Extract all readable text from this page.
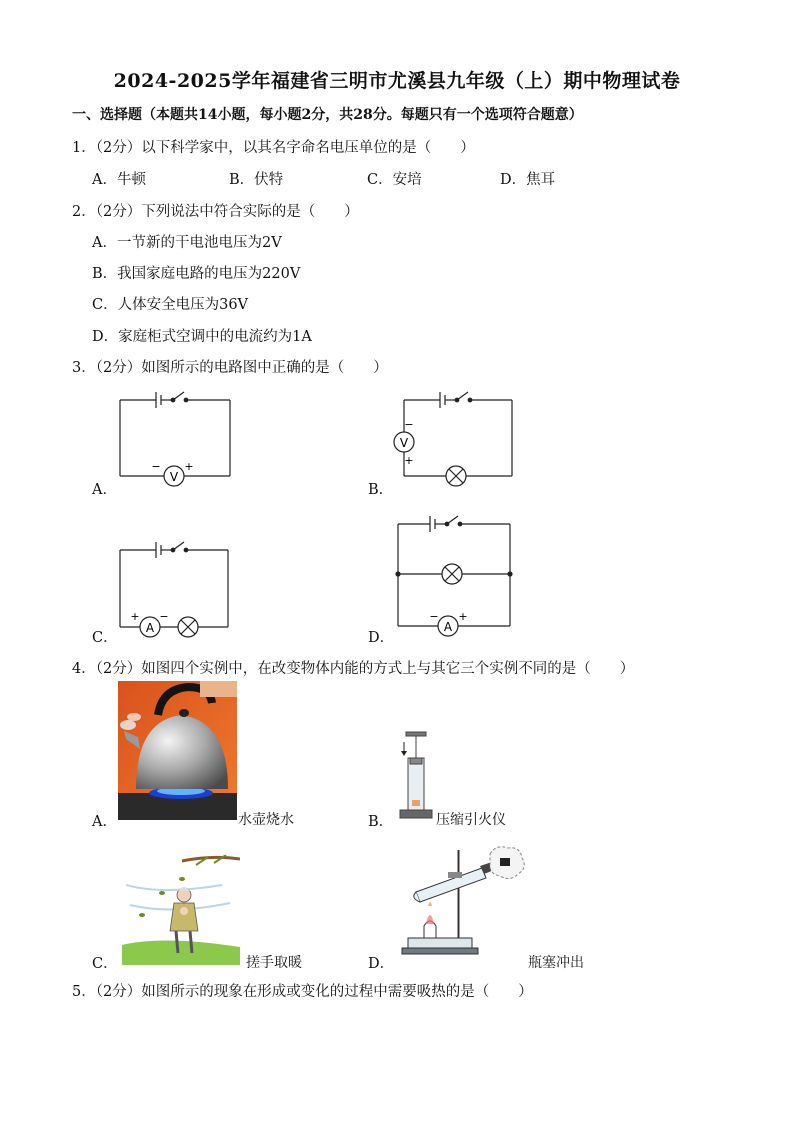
2024-2025学年福建省三明市尤溪县九年级（上）期中物理试卷
一、选择题（本题共14小题，每小题2分，共28分。每题只有一个选项符合题意）
1．（2分）以下科学家中，以其名字命名电压单位的是（　　）
A．牛顿	B．伏特	C．安培	D．焦耳
2．（2分）下列说法中符合实际的是（　　）
A．一节新的干电池电压为2V
B．我国家庭电路的电压为220V
C．人体安全电压为36V
D．家庭柜式空调中的电流约为1A
3．（2分）如图所示的电路图中正确的是（　　）
A．
V
− +
B．
V
−
+
C．
A
+ −
D．
A
− +
4．（2分）如图四个实例中，在改变物体内能的方式上与其它三个实例不同的是（　　）
A．	水壶烧水	B．	压缩引火仪
C．	搓手取暖	D．	瓶塞冲出
5．（2分）如图所示的现象在形成或变化的过程中需要吸热的是（　　）
